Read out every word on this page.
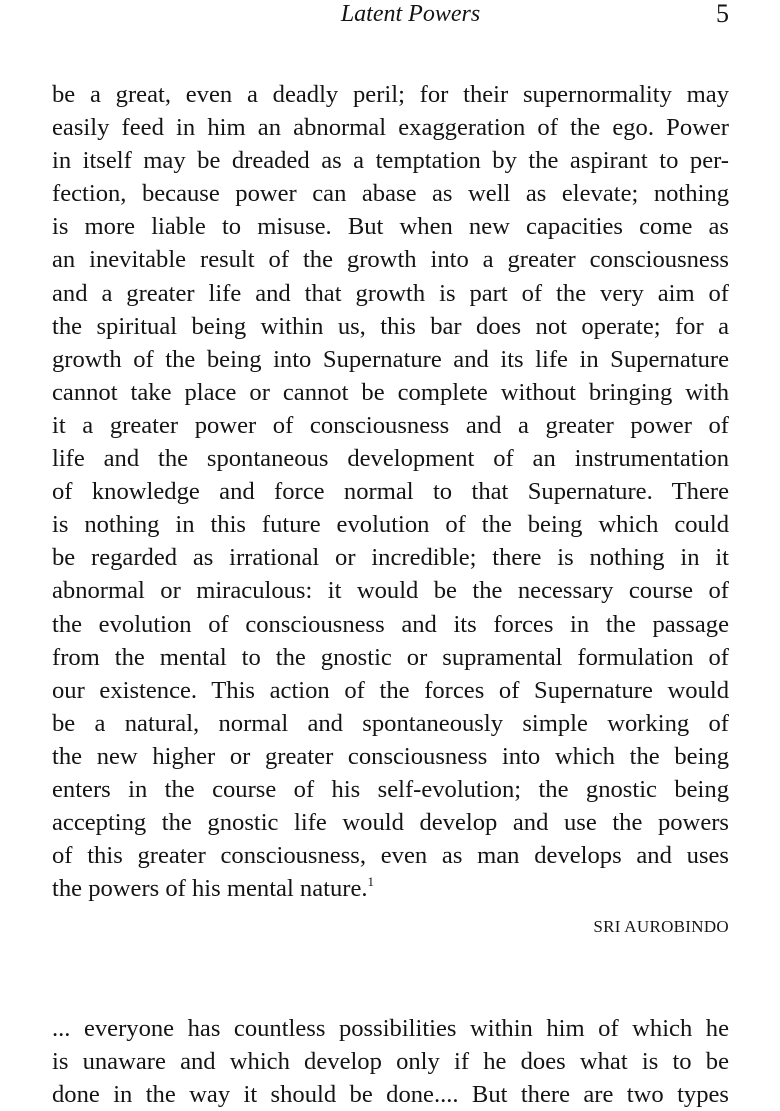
Latent Powers	5
be a great, even a deadly peril; for their supernormality may
easily feed in him an abnormal exaggeration of the ego. Power
in itself may be dreaded as a temptation by the aspirant to per-
fection, because power can abase as well as elevate; nothing
is more liable to misuse. But when new capacities come as
an inevitable result of the growth into a greater consciousness
and a greater life and that growth is part of the very aim of
the spiritual being within us, this bar does not operate; for a
growth of the being into Supernature and its life in Supernature
cannot take place or cannot be complete without bringing with
it a greater power of consciousness and a greater power of
life and the spontaneous development of an instrumentation
of knowledge and force normal to that Supernature. There
is nothing in this future evolution of the being which could
be regarded as irrational or incredible; there is nothing in it
abnormal or miraculous: it would be the necessary course of
the evolution of consciousness and its forces in the passage
from the mental to the gnostic or supramental formulation of
our existence. This action of the forces of Supernature would
be a natural, normal and spontaneously simple working of
the new higher or greater consciousness into which the being
enters in the course of his self-evolution; the gnostic being
accepting the gnostic life would develop and use the powers
of this greater consciousness, even as man develops and uses
the powers of his mental nature.$^1$
SRI AUROBINDO
... everyone has countless possibilities within him of which he
is unaware and which develop only if he does what is to be
done in the way it should be done.... But there are two types
